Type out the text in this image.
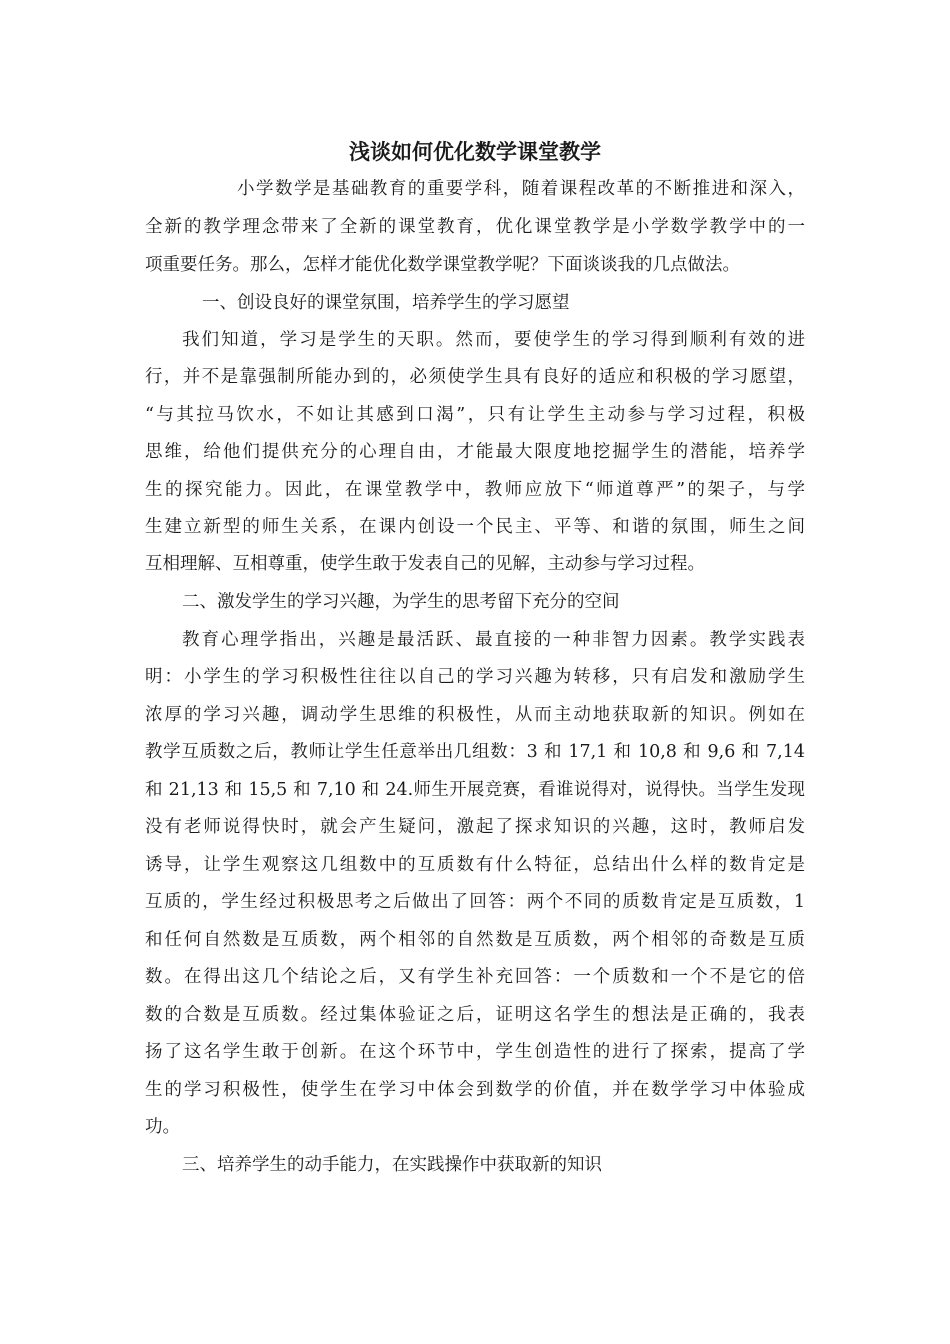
浅谈如何优化数学课堂教学
小学数学是基础教育的重要学科，随着课程改革的不断推进和深入，
全新的教学理念带来了全新的课堂教育，优化课堂教学是小学数学教学中的一
项重要任务。那么，怎样才能优化数学课堂教学呢？下面谈谈我的几点做法。
一、创设良好的课堂氛围，培养学生的学习愿望
我们知道，学习是学生的天职。然而，要使学生的学习得到顺利有效的进
行，并不是靠强制所能办到的，必须使学生具有良好的适应和积极的学习愿望，
“与其拉马饮水，不如让其感到口渴”，只有让学生主动参与学习过程，积极
思维，给他们提供充分的心理自由，才能最大限度地挖掘学生的潜能，培养学
生的探究能力。因此，在课堂教学中，教师应放下“师道尊严”的架子，与学
生建立新型的师生关系，在课内创设一个民主、平等、和谐的氛围，师生之间
互相理解、互相尊重，使学生敢于发表自己的见解，主动参与学习过程。
二、激发学生的学习兴趣，为学生的思考留下充分的空间
教育心理学指出，兴趣是最活跃、最直接的一种非智力因素。教学实践表
明：小学生的学习积极性往往以自己的学习兴趣为转移，只有启发和激励学生
浓厚的学习兴趣，调动学生思维的积极性，从而主动地获取新的知识。例如在
教学互质数之后，教师让学生任意举出几组数：3 和 17,1 和 10,8 和 9,6 和 7,14
和 21,13 和 15,5 和 7,10 和 24.师生开展竞赛，看谁说得对，说得快。当学生发现
没有老师说得快时，就会产生疑问，激起了探求知识的兴趣，这时，教师启发
诱导，让学生观察这几组数中的互质数有什么特征，总结出什么样的数肯定是
互质的，学生经过积极思考之后做出了回答：两个不同的质数肯定是互质数，1
和任何自然数是互质数，两个相邻的自然数是互质数，两个相邻的奇数是互质
数。在得出这几个结论之后，又有学生补充回答：一个质数和一个不是它的倍
数的合数是互质数。经过集体验证之后，证明这名学生的想法是正确的，我表
扬了这名学生敢于创新。在这个环节中，学生创造性的进行了探索，提高了学
生的学习积极性，使学生在学习中体会到数学的价值，并在数学学习中体验成
功。
三、培养学生的动手能力，在实践操作中获取新的知识
